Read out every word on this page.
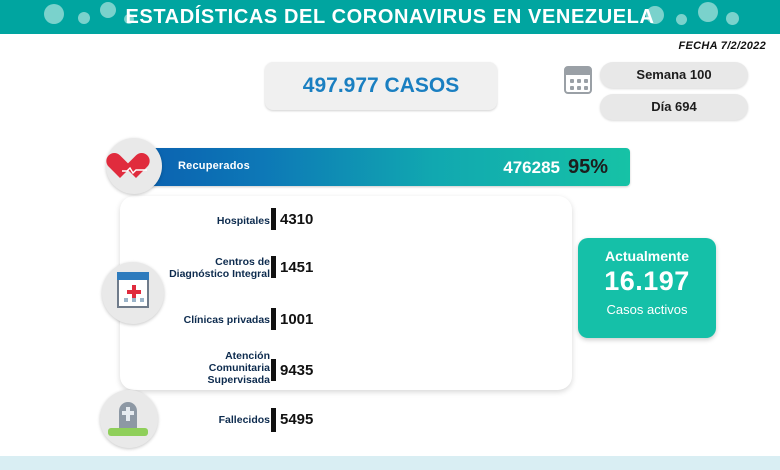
ESTADÍSTICAS DEL CORONAVIRUS EN VENEZUELA
FECHA 7/2/2022
497.977 CASOS	Semana 100
Día 694
Recuperados	476285 95%
Hospitales 4310
Centros de
Diagnóstico Integral 1451
Clínicas privadas 1001
Atención
Comunitaria
Supervisada
9435
Actualmente
16.197
Casos activos
Fallecidos 5495
